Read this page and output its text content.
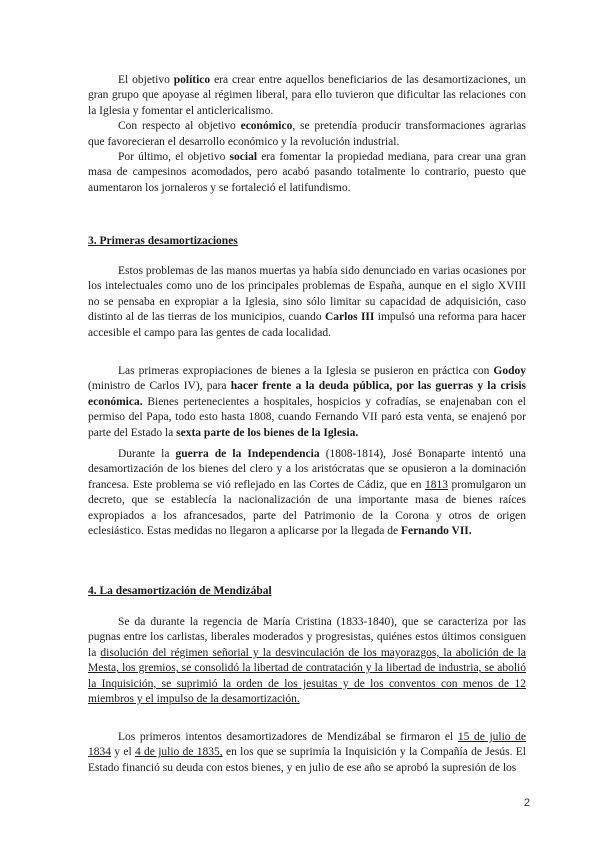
El objetivo político era crear entre aquellos beneficiarios de las desamortizaciones, un gran grupo que apoyase al régimen liberal, para ello tuvieron que dificultar las relaciones con la Iglesia y fomentar el anticlericalismo.

Con respecto al objetivo económico, se pretendía producir transformaciones agrarias que favorecieran el desarrollo económico y la revolución industrial.

Por último, el objetivo social era fomentar la propiedad mediana, para crear una gran masa de campesinos acomodados, pero acabó pasando totalmente lo contrario, puesto que aumentaron los jornaleros y se fortaleció el latifundismo.

3. Primeras desamortizaciones

Estos problemas de las manos muertas ya había sido denunciado en varias ocasiones por los intelectuales como uno de los principales problemas de España, aunque en el siglo XVIII no se pensaba en expropiar a la Iglesia, sino sólo limitar su capacidad de adquisición, caso distinto al de las tierras de los municipios, cuando Carlos III impulsó una reforma para hacer accesible el campo para las gentes de cada localidad.

Las primeras expropiaciones de bienes a la Iglesia se pusieron en práctica con Godoy (ministro de Carlos IV), para hacer frente a la deuda pública, por las guerras y la crisis económica. Bienes pertenecientes a hospitales, hospicios y cofradías, se enajenaban con el permiso del Papa, todo esto hasta 1808, cuando Fernando VII paró esta venta, se enajenó por parte del Estado la sexta parte de los bienes de la Iglesia.

Durante la guerra de la Independencia (1808-1814), José Bonaparte intentó una desamortización de los bienes del clero y a los aristócratas que se opusieron a la dominación francesa. Este problema se vió reflejado en las Cortes de Cádiz, que en 1813 promulgaron un decreto, que se establecía la nacionalización de una importante masa de bienes raíces expropiados a los afrancesados, parte del Patrimonio de la Corona y otros de origen eclesiástico. Estas medidas no llegaron a aplicarse por la llegada de Fernando VII.

4. La desamortización de Mendizábal

Se da durante la regencia de María Cristina (1833-1840), que se caracteriza por las pugnas entre los carlistas, liberales moderados y progresistas, quiénes estos últimos consiguen la disolución del régimen señorial y la desvinculación de los mayorazgos, la abolición de la Mesta, los gremios, se consolidó la libertad de contratación y la libertad de industria, se abolió la Inquisición, se suprimió la orden de los jesuitas y de los conventos con menos de 12 miembros y el impulso de la desamortización.

Los primeros intentos desamortizadores de Mendizábal se firmaron el 15 de julio de 1834 y el 4 de julio de 1835, en los que se suprimía la Inquisición y la Compañía de Jesús. El Estado financió su deuda con estos bienes, y en julio de ese año se aprobó la supresión de los

2
